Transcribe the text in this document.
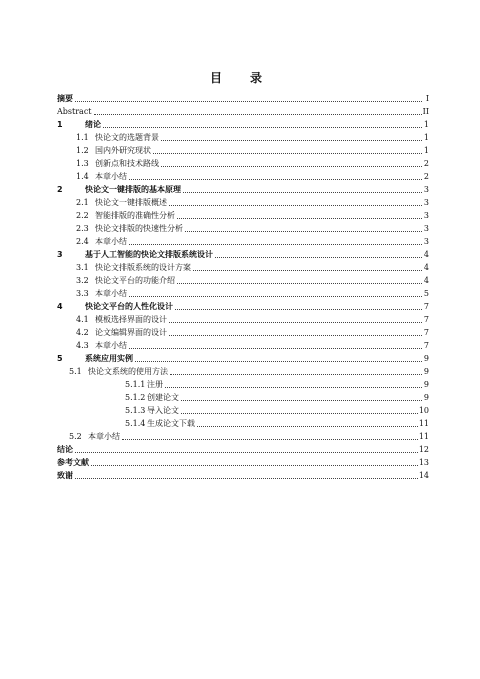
目　录
摘要	I
Abstract	II
1	绪论	1
1.1 快论文的选题背景	1
1.2 国内外研究现状	1
1.3 创新点和技术路线	2
1.4 本章小结	2
2	快论文一键排版的基本原理	3
2.1 快论文一键排版概述	3
2.2 智能排版的准确性分析	3
2.3 快论文排版的快速性分析	3
2.4 本章小结	3
3	基于人工智能的快论文排版系统设计	4
3.1 快论文排版系统的设计方案	4
3.2 快论文平台的功能介绍	4
3.3 本章小结	5
4	快论文平台的人性化设计	7
4.1 模板选择界面的设计	7
4.2 论文编辑界面的设计	7
4.3 本章小结	7
5	系统应用实例	9
5.1 快论文系统的使用方法	9
5.1.1 注册	9
5.1.2 创建论文	9
5.1.3 导入论文	10
5.1.4 生成论文下载	11
5.2 本章小结	11
结论	12
参考文献	13
致谢	14
